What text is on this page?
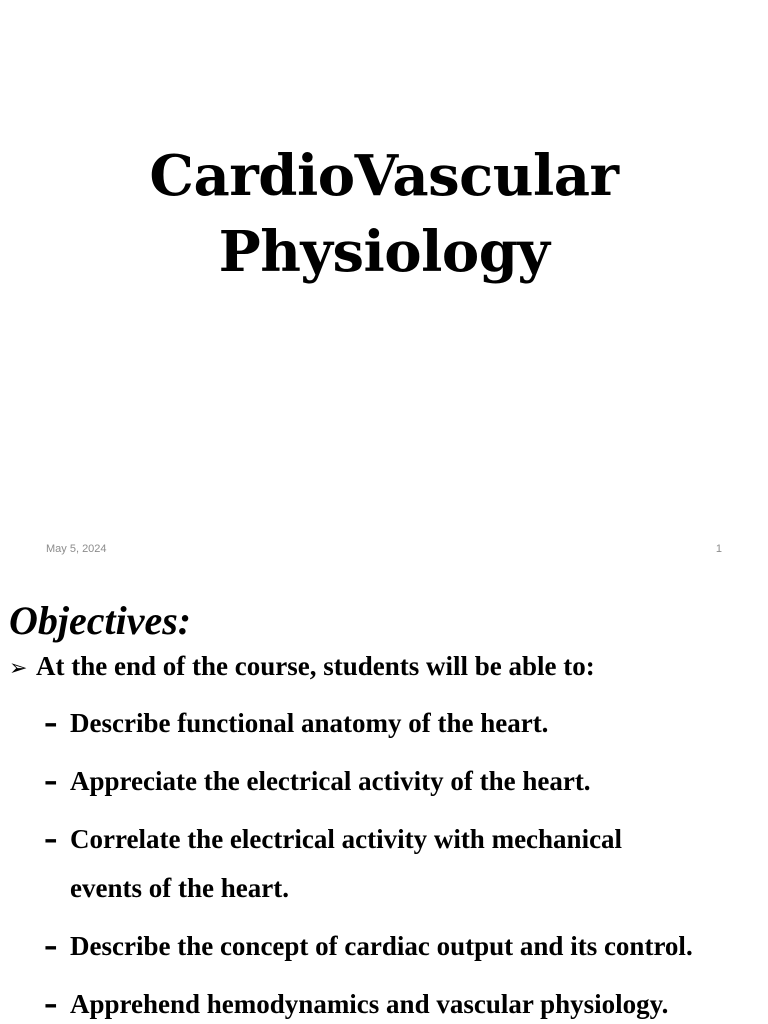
CardioVascular
Physiology
May 5, 2024	1
Objectives:
➢ At the end of the course, students will be able to:
– Describe functional anatomy of the heart.
– Appreciate the electrical activity of the heart.
– Correlate the electrical activity with mechanical
events of the heart.
– Describe the concept of cardiac output and its control.
– Apprehend hemodynamics and vascular physiology.
